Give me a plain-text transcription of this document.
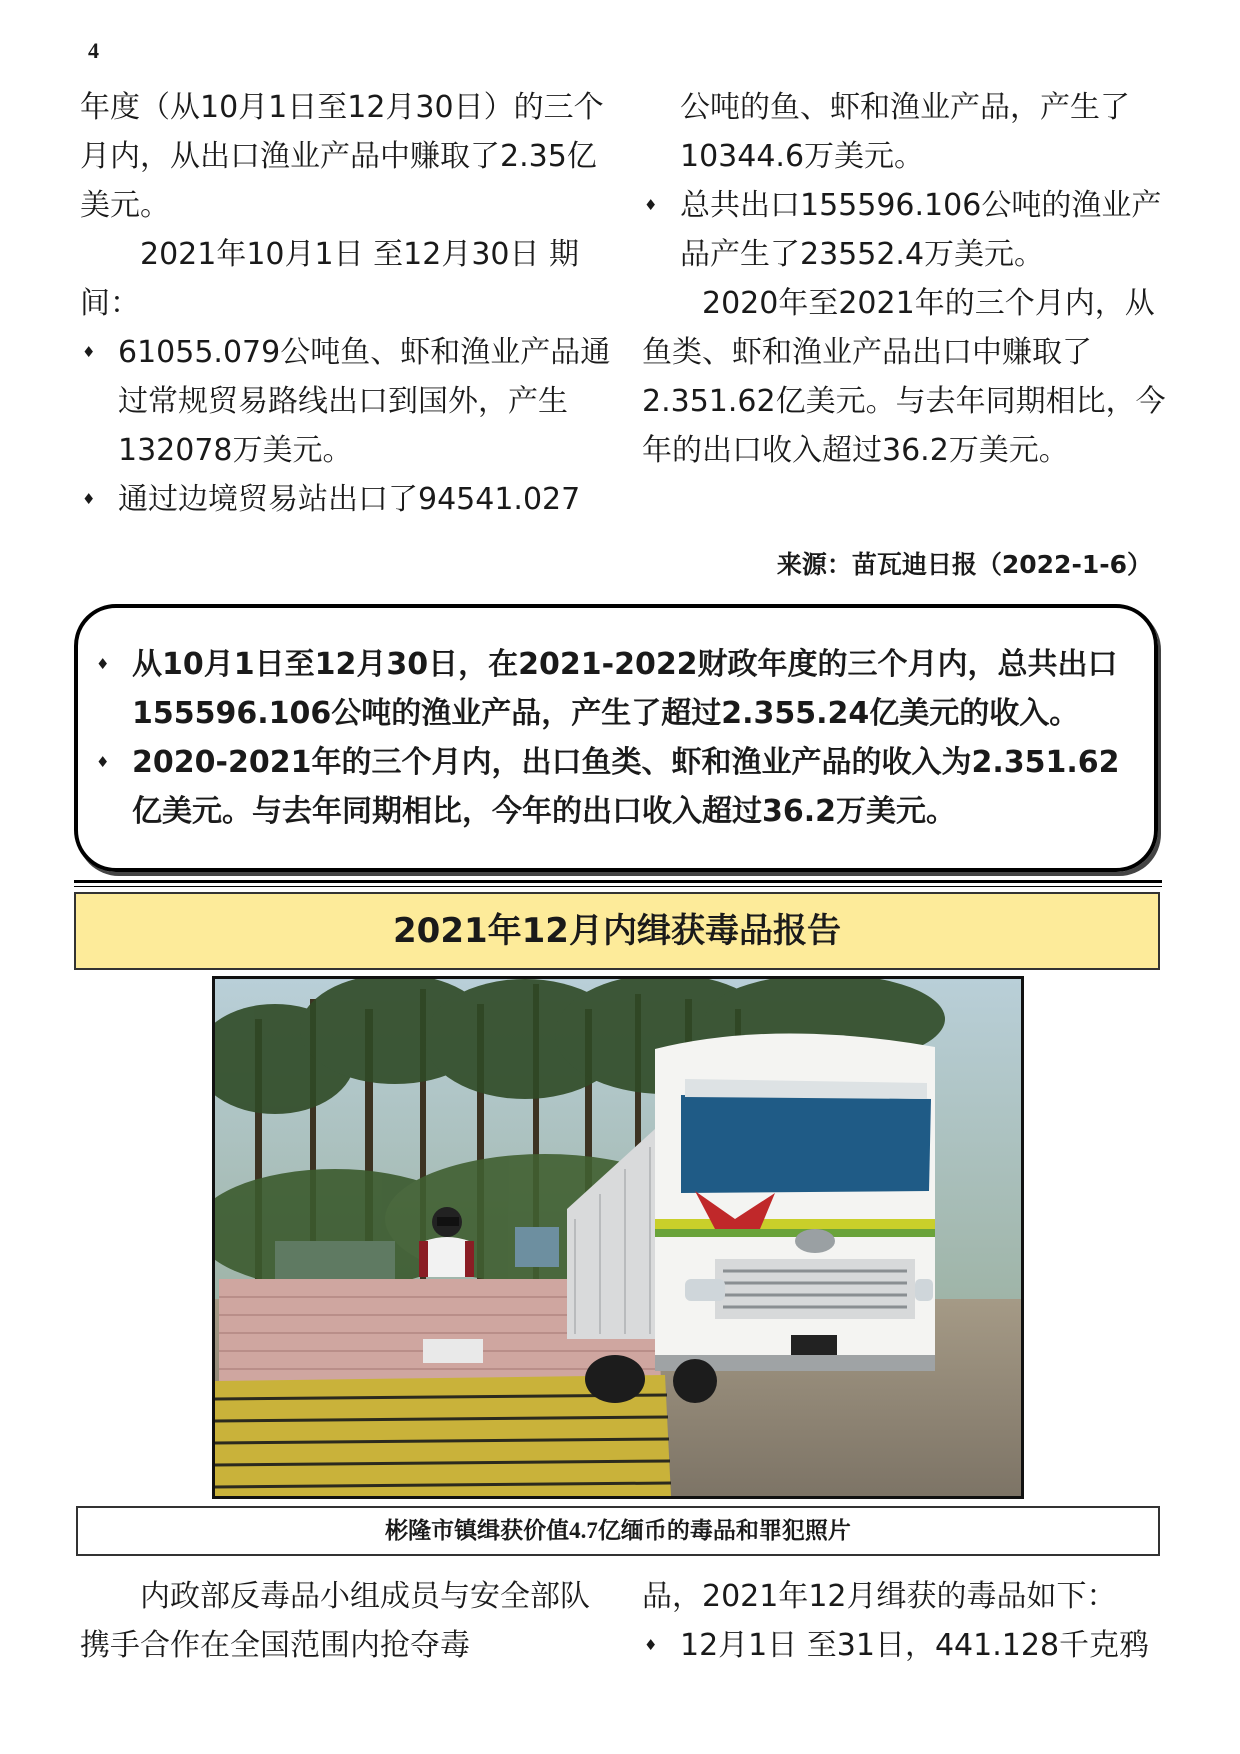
4

年度（从10月1日至12月30日）的三个月内，从出口渔业产品中赚取了2.35亿美元。

2021年10月1日 至12月30日 期间：

♦ 61055.079公吨鱼、虾和渔业产品通过常规贸易路线出口到国外，产生132078万美元。

♦ 通过边境贸易站出口了94541.027

公吨的鱼、虾和渔业产品，产生了10344.6万美元。

♦ 总共出口155596.106公吨的渔业产品产生了23552.4万美元。

2020年至2021年的三个月内，从鱼类、虾和渔业产品出口中赚取了2.351.62亿美元。与去年同期相比，今年的出口收入超过36.2万美元。

来源：苗瓦迪日报（2022-1-6）

♦ 从10月1日至12月30日，在2021-2022财政年度的三个月内，总共出口155596.106公吨的渔业产品，产生了超过2.355.24亿美元的收入。

♦ 2020-2021年的三个月内，出口鱼类、虾和渔业产品的收入为2.351.62亿美元。与去年同期相比，今年的出口收入超过36.2万美元。

2021年12月内缉获毒品报告
彬隆市镇缉获价值4.7亿缅币的毒品和罪犯照片

内政部反毒品小组成员与安全部队携手合作在全国范围内抢夺毒

品，2021年12月缉获的毒品如下：

♦ 12月1日 至31日，441.128千克鸦
